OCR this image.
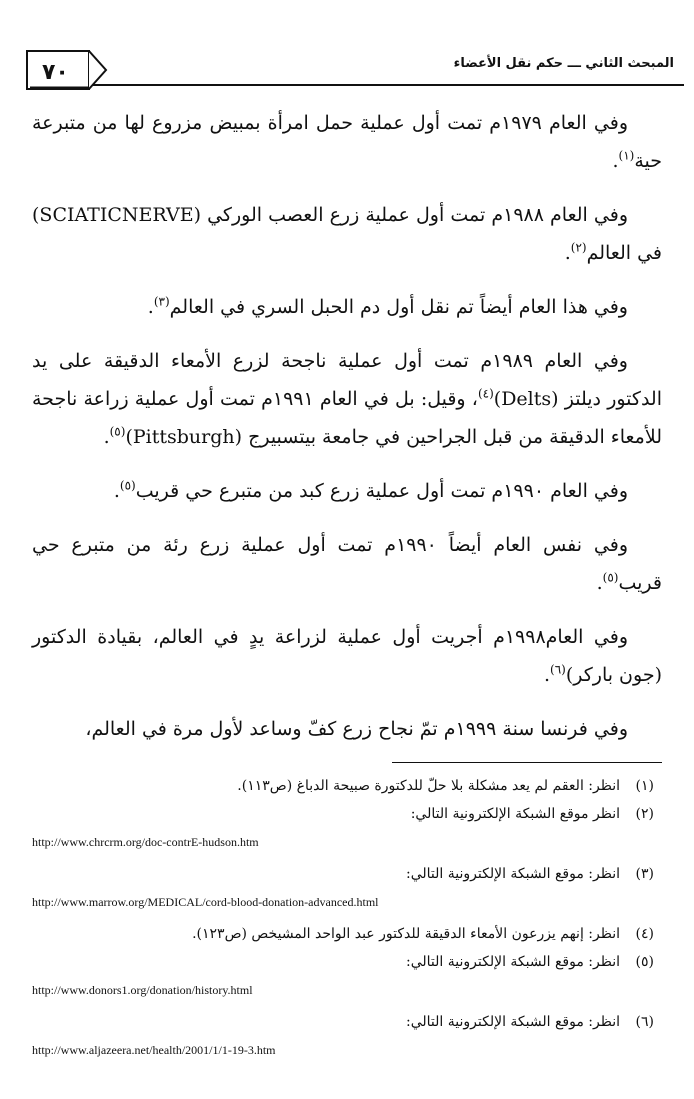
المبحث الثاني ـــ حكم نقل الأعضاء
٧٠

وفي العام ١٩٧٩م تمت أول عملية حمل امرأة بمبيض مزروع لها من متبرعة حية$^{(١)}$.

وفي العام ١٩٨٨م تمت أول عملية زرع العصب الوركي (SCIATICNERVE) في العالم$^{(٢)}$.

وفي هذا العام أيضاً تم نقل أول دم الحبل السري في العالم$^{(٣)}$.

وفي العام ١٩٨٩م تمت أول عملية ناجحة لزرع الأمعاء الدقيقة على يد الدكتور ديلتز (Delts)$^{(٤)}$، وقيل: بل في العام ١٩٩١م تمت أول عملية زراعة ناجحة للأمعاء الدقيقة من قبل الجراحين في جامعة بيتسبيرج (Pittsburgh)$^{(٥)}$.

وفي العام ١٩٩٠م تمت أول عملية زرع كبد من متبرع حي قريب$^{(٥)}$.

وفي نفس العام أيضاً ١٩٩٠م تمت أول عملية زرع رئة من متبرع حي قريب$^{(٥)}$.

وفي العام١٩٩٨م أجريت أول عملية لزراعة يدٍ في العالم، بقيادة الدكتور (جون باركر)$^{(٦)}$.

وفي فرنسا سنة ١٩٩٩م تمّ نجاح زرع كفّ وساعد لأول مرة في العالم،

(١)انظر: العقم لم يعد مشكلة بلا حلّ للدكتورة صبيحة الدباغ (ص١١٣).
(٢)انظر موقع الشبكة الإلكترونية التالي:
http://www.chrcrm.org/doc-contrE-hudson.htm
(٣)انظر: موقع الشبكة الإلكترونية التالي:
http://www.marrow.org/MEDICAL/cord-blood-donation-advanced.html
(٤)انظر: إنهم يزرعون الأمعاء الدقيقة للدكتور عبد الواحد المشيخص (ص١٢٣).
(٥)انظر: موقع الشبكة الإلكترونية التالي:
http://www.donors1.org/donation/history.html
(٦)انظر: موقع الشبكة الإلكترونية التالي:
http://www.aljazeera.net/health/2001/1/1-19-3.htm
